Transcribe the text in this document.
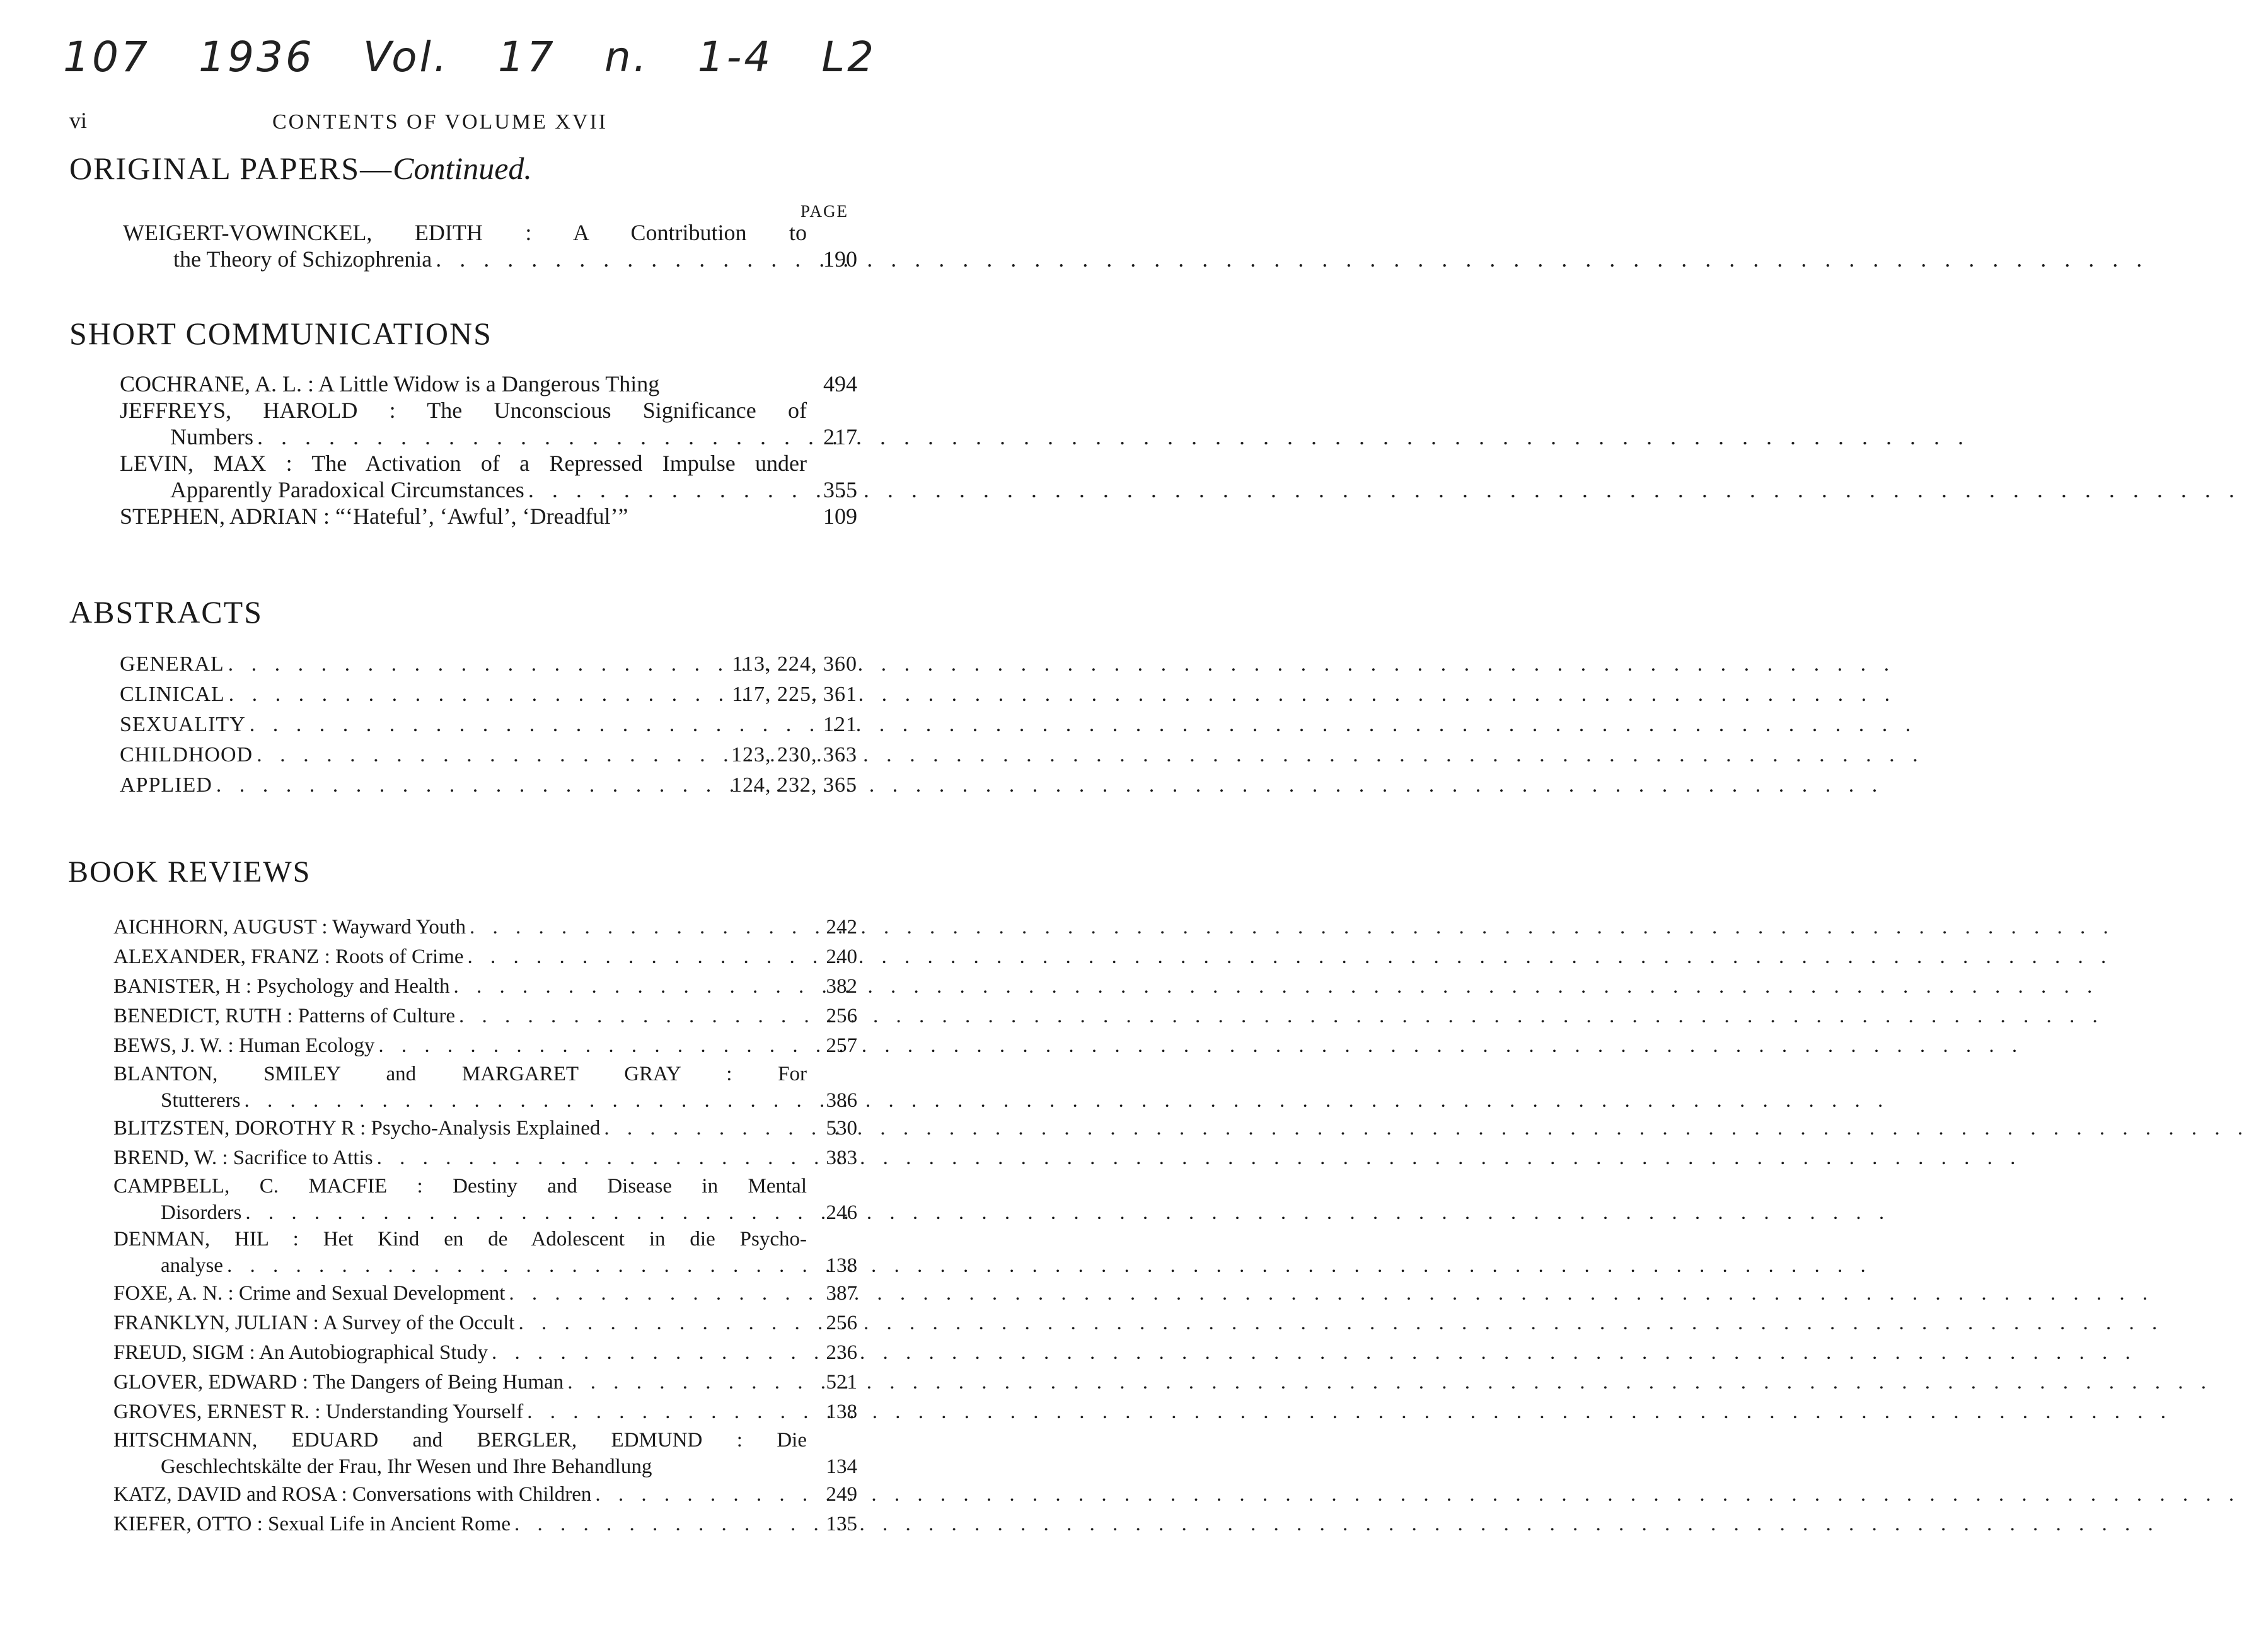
107 1936 Vol. 17 n. 1-4 L2
vi	CONTENTS OF VOLUME XVII
ORIGINAL PAPERS—Continued.
PAGE
WEIGERT-VOWINCKEL, EDITH : A Contribution to
the Theory of Schizophrenia . . .	190
SHORT COMMUNICATIONS
COCHRANE, A. L. : A Little Widow is a Dangerous Thing	494
JEFFREYS, HAROLD : The Unconscious Significance of
Numbers . . .	217
LEVIN, MAX : The Activation of a Repressed Impulse under
Apparently Paradoxical Circumstances . . .	355
STEPHEN, ADRIAN : “‘Hateful’, ‘Awful’, ‘Dreadful’”	109
ABSTRACTS
GENERAL . . .	113, 224, 360
CLINICAL . . .	117, 225, 361
SEXUALITY . . .	121
CHILDHOOD . . .	123, 230, 363
APPLIED . . .	124, 232, 365
BOOK REVIEWS
AICHHORN, AUGUST : Wayward Youth . . .	242
ALEXANDER, FRANZ : Roots of Crime . . .	240
BANISTER, H : Psychology and Health . . .	382
BENEDICT, RUTH : Patterns of Culture . . .	256
BEWS, J. W. : Human Ecology . . .	257
BLANTON, SMILEY and MARGARET GRAY : For
Stutterers . . .	386
BLITZSTEN, DOROTHY R : Psycho-Analysis Explained . . .	530
BREND, W. : Sacrifice to Attis . . .	383
CAMPBELL, C. MACFIE : Destiny and Disease in Mental
Disorders . . .	246
DENMAN, HIL : Het Kind en de Adolescent in die Psycho-
analyse . . .	138
FOXE, A. N. : Crime and Sexual Development . . .	387
FRANKLYN, JULIAN : A Survey of the Occult . . .	256
FREUD, SIGM : An Autobiographical Study . . .	236
GLOVER, EDWARD : The Dangers of Being Human . . .	521
GROVES, ERNEST R. : Understanding Yourself . . .	138
HITSCHMANN, EDUARD and BERGLER, EDMUND : Die
Geschlechtskälte der Frau, Ihr Wesen und Ihre Behandlung	134
KATZ, DAVID and ROSA : Conversations with Children . . .	249
KIEFER, OTTO : Sexual Life in Ancient Rome . . .	135
